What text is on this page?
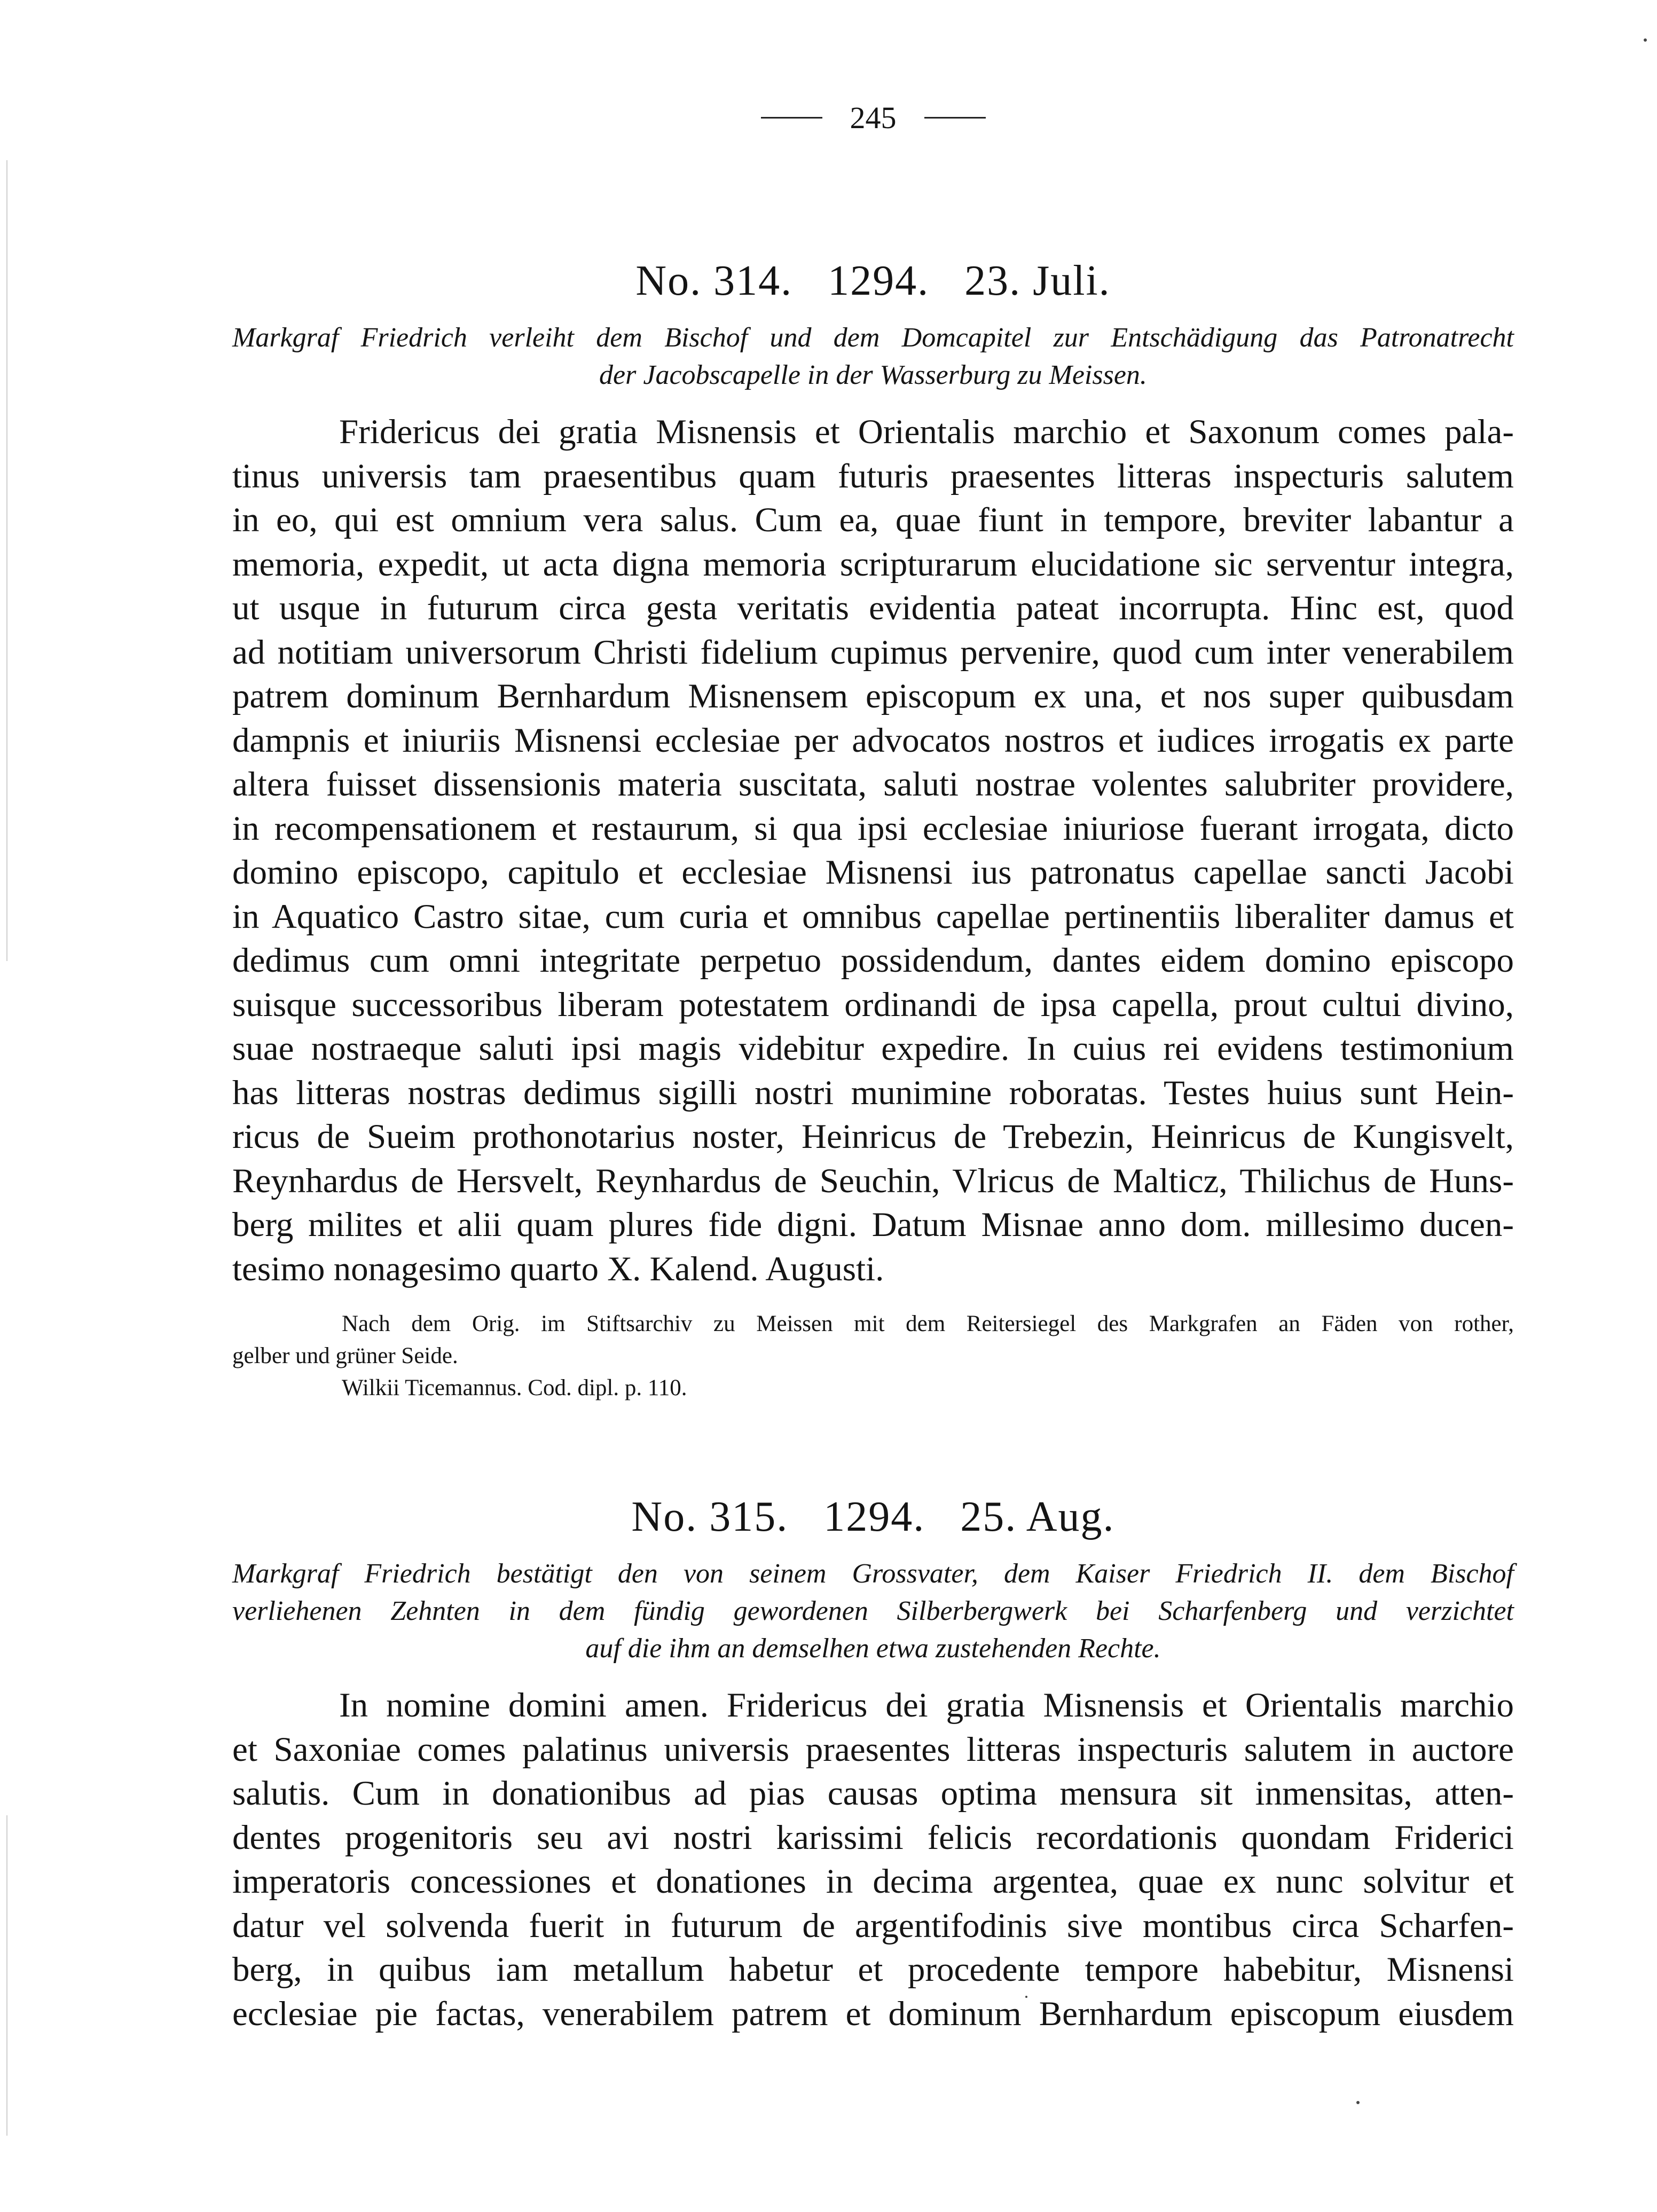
245
No. 314.   1294.   23. Juli.
Markgraf Friedrich verleiht dem Bischof und dem Domcapitel zur Entschädigung das Patronatrecht
der Jacobscapelle in der Wasserburg zu Meissen.
Fridericus dei gratia Misnensis et Orientalis marchio et Saxonum comes pala-
tinus universis tam praesentibus quam futuris praesentes litteras inspecturis salutem
in eo, qui est omnium vera salus. Cum ea, quae fiunt in tempore, breviter labantur a
memoria, expedit, ut acta digna memoria scripturarum elucidatione sic serventur integra,
ut usque in futurum circa gesta veritatis evidentia pateat incorrupta. Hinc est, quod
ad notitiam universorum Christi fidelium cupimus pervenire, quod cum inter venerabilem
patrem dominum Bernhardum Misnensem episcopum ex una, et nos super quibusdam
dampnis et iniuriis Misnensi ecclesiae per advocatos nostros et iudices irrogatis ex parte
altera fuisset dissensionis materia suscitata, saluti nostrae volentes salubriter providere,
in recompensationem et restaurum, si qua ipsi ecclesiae iniuriose fuerant irrogata, dicto
domino episcopo, capitulo et ecclesiae Misnensi ius patronatus capellae sancti Jacobi
in Aquatico Castro sitae, cum curia et omnibus capellae pertinentiis liberaliter damus et
dedimus cum omni integritate perpetuo possidendum, dantes eidem domino episcopo
suisque successoribus liberam potestatem ordinandi de ipsa capella, prout cultui divino,
suae nostraeque saluti ipsi magis videbitur expedire. In cuius rei evidens testimonium
has litteras nostras dedimus sigilli nostri munimine roboratas. Testes huius sunt Hein-
ricus de Sueim prothonotarius noster, Heinricus de Trebezin, Heinricus de Kungisvelt,
Reynhardus de Hersvelt, Reynhardus de Seuchin, Vlricus de Malticz, Thilichus de Huns-
berg milites et alii quam plures fide digni. Datum Misnae anno dom. millesimo ducen-
tesimo nonagesimo quarto X. Kalend. Augusti.
Nach dem Orig. im Stiftsarchiv zu Meissen mit dem Reitersiegel des Markgrafen an Fäden von rother,
gelber und grüner Seide.
Wilkii Ticemannus. Cod. dipl. p. 110.
No. 315.   1294.   25. Aug.
Markgraf Friedrich bestätigt den von seinem Grossvater, dem Kaiser Friedrich II. dem Bischof
verliehenen Zehnten in dem fündig gewordenen Silberbergwerk bei Scharfenberg und verzichtet
auf die ihm an demselhen etwa zustehenden Rechte.
In nomine domini amen. Fridericus dei gratia Misnensis et Orientalis marchio
et Saxoniae comes palatinus universis praesentes litteras inspecturis salutem in auctore
salutis. Cum in donationibus ad pias causas optima mensura sit inmensitas, atten-
dentes progenitoris seu avi nostri karissimi felicis recordationis quondam Friderici
imperatoris concessiones et donationes in decima argentea, quae ex nunc solvitur et
datur vel solvenda fuerit in futurum de argentifodinis sive montibus circa Scharfen-
berg, in quibus iam metallum habetur et procedente tempore habebitur, Misnensi
ecclesiae pie factas, venerabilem patrem et dominum Bernhardum episcopum eiusdem
